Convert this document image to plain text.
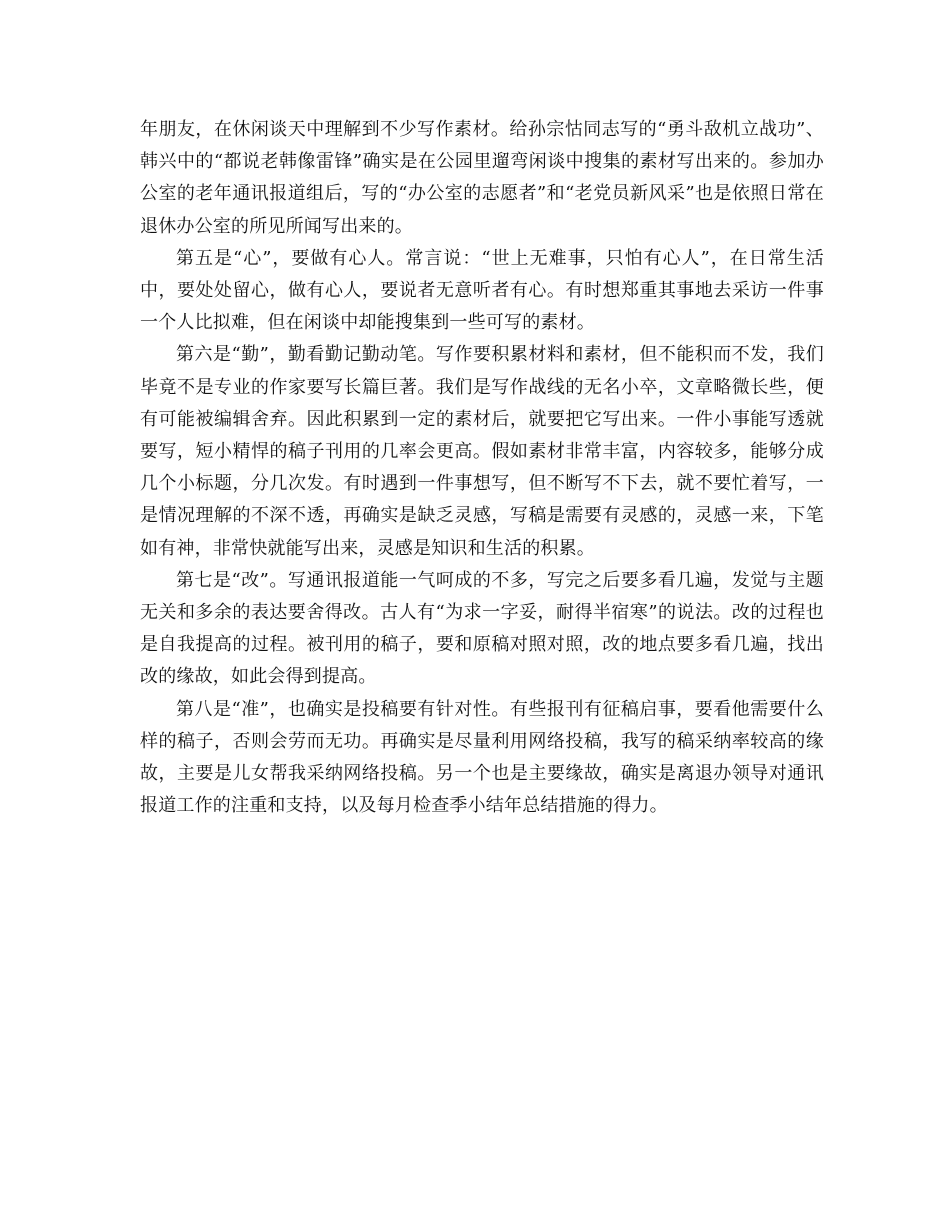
年朋友，在休闲谈天中理解到不少写作素材。给孙宗怙同志写的“勇斗敌机立战功”、韩兴中的“都说老韩像雷锋”确实是在公园里遛弯闲谈中搜集的素材写出来的。参加办公室的老年通讯报道组后，写的“办公室的志愿者”和“老党员新风采”也是依照日常在退休办公室的所见所闻写出来的。

第五是“心”，要做有心人。常言说：“世上无难事，只怕有心人”，在日常生活中，要处处留心，做有心人，要说者无意听者有心。有时想郑重其事地去采访一件事一个人比拟难，但在闲谈中却能搜集到一些可写的素材。

第六是“勤”，勤看勤记勤动笔。写作要积累材料和素材，但不能积而不发，我们毕竟不是专业的作家要写长篇巨著。我们是写作战线的无名小卒，文章略微长些，便有可能被编辑舍弃。因此积累到一定的素材后，就要把它写出来。一件小事能写透就要写，短小精悍的稿子刊用的几率会更高。假如素材非常丰富，内容较多，能够分成几个小标题，分几次发。有时遇到一件事想写，但不断写不下去，就不要忙着写，一是情况理解的不深不透，再确实是缺乏灵感，写稿是需要有灵感的，灵感一来，下笔如有神，非常快就能写出来，灵感是知识和生活的积累。

第七是“改”。写通讯报道能一气呵成的不多，写完之后要多看几遍，发觉与主题无关和多余的表达要舍得改。古人有“为求一字妥，耐得半宿寒”的说法。改的过程也是自我提高的过程。被刊用的稿子，要和原稿对照对照，改的地点要多看几遍，找出改的缘故，如此会得到提高。

第八是“准”，也确实是投稿要有针对性。有些报刊有征稿启事，要看他需要什么样的稿子，否则会劳而无功。再确实是尽量利用网络投稿，我写的稿采纳率较高的缘故，主要是儿女帮我采纳网络投稿。另一个也是主要缘故，确实是离退办领导对通讯报道工作的注重和支持，以及每月检查季小结年总结措施的得力。
